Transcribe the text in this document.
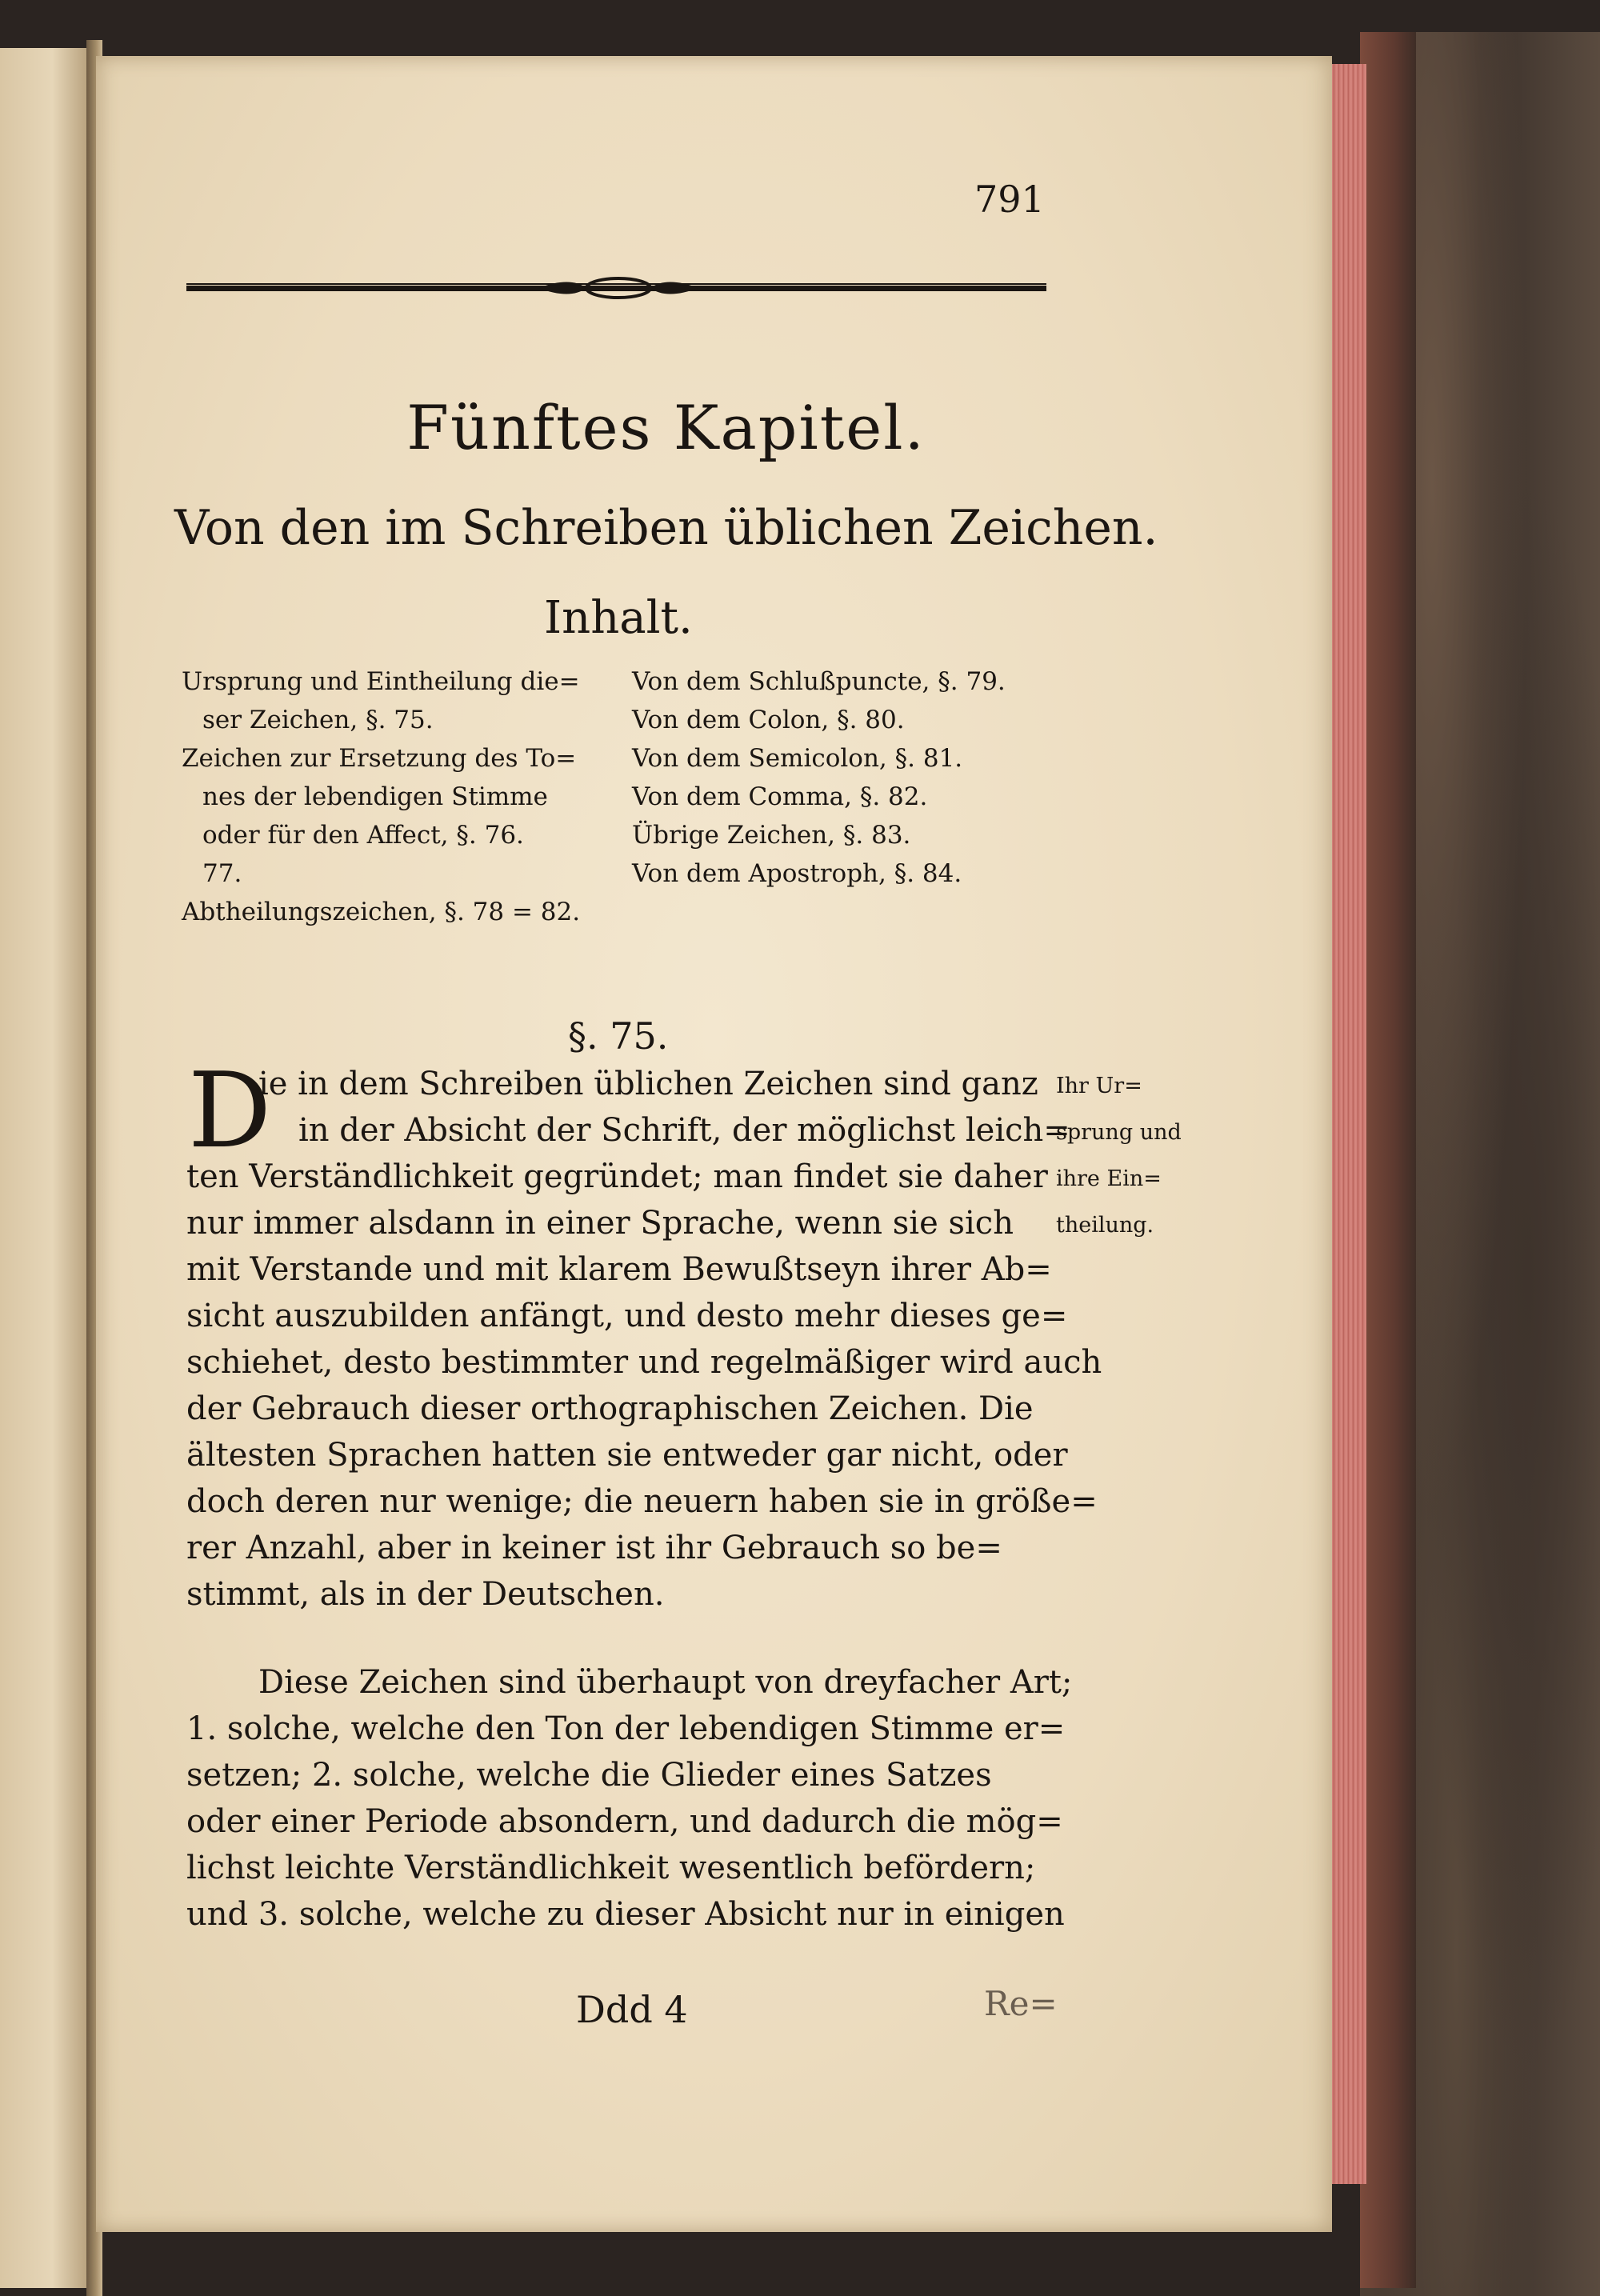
791
Fünftes Kapitel.
Von den im Schreiben üblichen Zeichen.
Inhalt.
Ursprung und Eintheilung die=
ser Zeichen, §. 75.
Zeichen zur Ersetzung des To=
nes der lebendigen Stimme
oder für den Affect, §. 76.
77.
Abtheilungszeichen, §. 78 = 82.
Von dem Schlußpuncte, §. 79.
Von dem Colon, §. 80.
Von dem Semicolon, §. 81.
Von dem Comma, §. 82.
Übrige Zeichen, §. 83.
Von dem Apostroph, §. 84.
§. 75.
D
ie in dem Schreiben üblichen Zeichen sind ganz
in der Absicht der Schrift, der möglichst leich=
ten Verständlichkeit gegründet; man findet sie daher
nur immer alsdann in einer Sprache, wenn sie sich
mit Verstande und mit klarem Bewußtseyn ihrer Ab=
sicht auszubilden anfängt, und desto mehr dieses ge=
schiehet, desto bestimmter und regelmäßiger wird auch
der Gebrauch dieser orthographischen Zeichen. Die
ältesten Sprachen hatten sie entweder gar nicht, oder
doch deren nur wenige; die neuern haben sie in größe=
rer Anzahl, aber in keiner ist ihr Gebrauch so be=
stimmt, als in der Deutschen.
Ihr Ur=
sprung und
ihre Ein=
theilung.
Diese Zeichen sind überhaupt von dreyfacher Art;
1. solche, welche den Ton der lebendigen Stimme er=
setzen; 2. solche, welche die Glieder eines Satzes
oder einer Periode absondern, und dadurch die mög=
lichst leichte Verständlichkeit wesentlich befördern;
und 3. solche, welche zu dieser Absicht nur in einigen
Ddd 4	Re=
